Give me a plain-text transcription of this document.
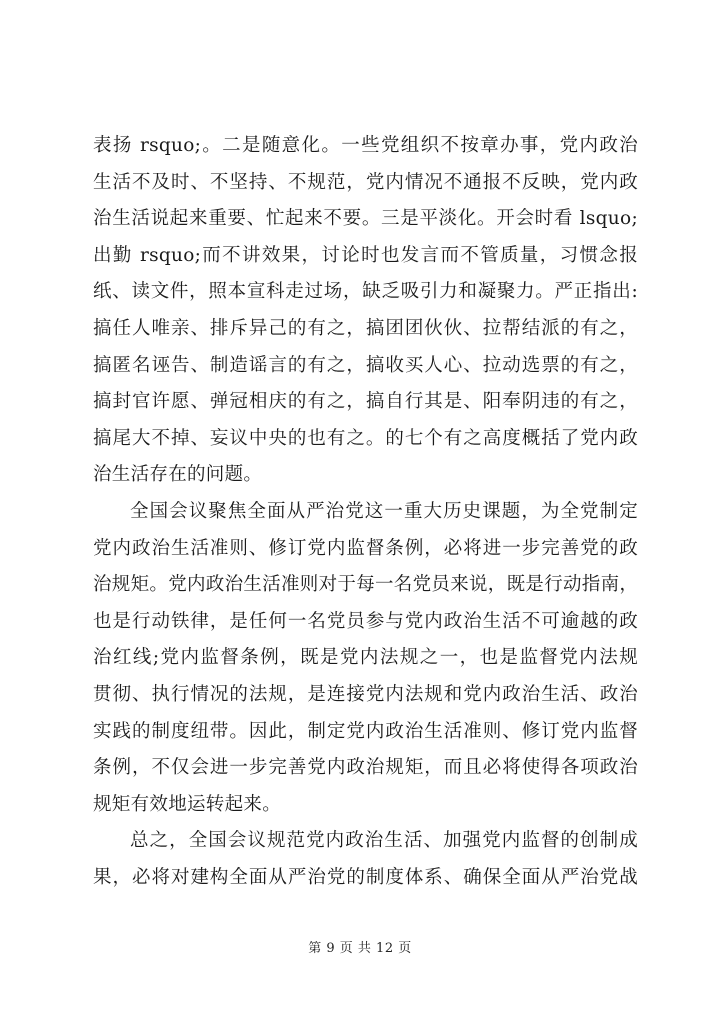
表扬 rsquo;。二是随意化。一些党组织不按章办事，党内政治
生活不及时、不坚持、不规范，党内情况不通报不反映，党内政
治生活说起来重要、忙起来不要。三是平淡化。开会时看 lsquo;
出勤 rsquo;而不讲效果，讨论时也发言而不管质量，习惯念报
纸、读文件，照本宣科走过场，缺乏吸引力和凝聚力。严正指出:
搞任人唯亲、排斥异己的有之，搞团团伙伙、拉帮结派的有之，
搞匿名诬告、制造谣言的有之，搞收买人心、拉动选票的有之，
搞封官许愿、弹冠相庆的有之，搞自行其是、阳奉阴违的有之，
搞尾大不掉、妄议中央的也有之。的七个有之高度概括了党内政
治生活存在的问题。
全国会议聚焦全面从严治党这一重大历史课题，为全党制定
党内政治生活准则、修订党内监督条例，必将进一步完善党的政
治规矩。党内政治生活准则对于每一名党员来说，既是行动指南，
也是行动铁律，是任何一名党员参与党内政治生活不可逾越的政
治红线;党内监督条例，既是党内法规之一，也是监督党内法规
贯彻、执行情况的法规，是连接党内法规和党内政治生活、政治
实践的制度纽带。因此，制定党内政治生活准则、修订党内监督
条例，不仅会进一步完善党内政治规矩，而且必将使得各项政治
规矩有效地运转起来。
总之，全国会议规范党内政治生活、加强党内监督的创制成
果，必将对建构全面从严治党的制度体系、确保全面从严治党战
第 9 页 共 12 页
